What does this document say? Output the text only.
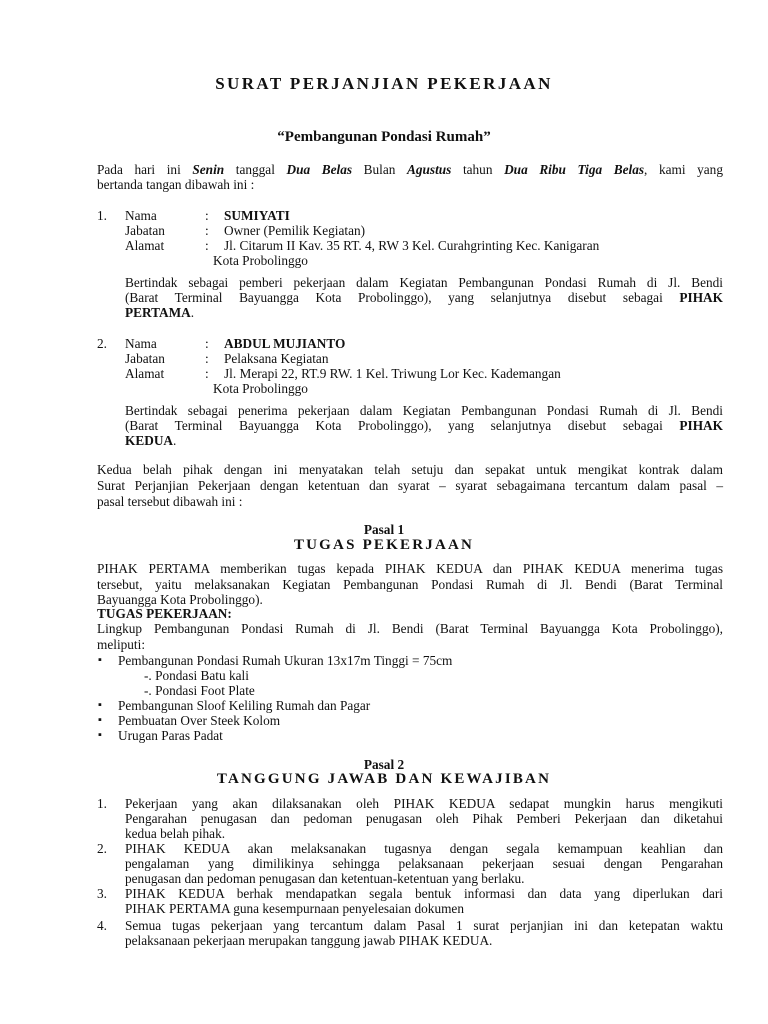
SURAT PERJANJIAN PEKERJAAN
“Pembangunan Pondasi Rumah”
Pada hari ini Senin tanggal Dua Belas Bulan Agustus tahun Dua Ribu Tiga Belas, kami yang
bertanda tangan dibawah ini :
1. Nama	: SUMIYATI
Jabatan	: Owner (Pemilik Kegiatan)
Alamat	: Jl. Citarum II Kav. 35 RT. 4, RW 3 Kel. Curahgrinting Kec. Kanigaran
Kota Probolinggo
Bertindak sebagai pemberi pekerjaan dalam Kegiatan Pembangunan Pondasi Rumah di Jl. Bendi
(Barat Terminal Bayuangga Kota Probolinggo), yang selanjutnya disebut sebagai PIHAK
PERTAMA.
2. Nama	: ABDUL MUJIANTO
Jabatan	: Pelaksana Kegiatan
Alamat	: Jl. Merapi 22, RT.9 RW. 1 Kel. Triwung Lor Kec. Kademangan
Kota Probolinggo
Bertindak sebagai penerima pekerjaan dalam Kegiatan Pembangunan Pondasi Rumah di Jl. Bendi
(Barat Terminal Bayuangga Kota Probolinggo), yang selanjutnya disebut sebagai PIHAK
KEDUA.
Kedua belah pihak dengan ini menyatakan telah setuju dan sepakat untuk mengikat kontrak dalam
Surat Perjanjian Pekerjaan dengan ketentuan dan syarat – syarat sebagaimana tercantum dalam pasal –
pasal tersebut dibawah ini :
Pasal 1
TUGAS PEKERJAAN
PIHAK PERTAMA memberikan tugas kepada PIHAK KEDUA dan PIHAK KEDUA menerima tugas
tersebut, yaitu melaksanakan Kegiatan Pembangunan Pondasi Rumah di Jl. Bendi (Barat Terminal
Bayuangga Kota Probolinggo).
TUGAS PEKERJAAN:
Lingkup Pembangunan Pondasi Rumah di Jl. Bendi (Barat Terminal Bayuangga Kota Probolinggo),
meliputi:
▪ Pembangunan Pondasi Rumah Ukuran 13x17m Tinggi = 75cm
-. Pondasi Batu kali
-. Pondasi Foot Plate
▪ Pembangunan Sloof Keliling Rumah dan Pagar
▪ Pembuatan Over Steek Kolom
▪ Urugan Paras Padat
Pasal 2
TANGGUNG JAWAB DAN KEWAJIBAN
1. Pekerjaan yang akan dilaksanakan oleh PIHAK KEDUA sedapat mungkin harus mengikuti
Pengarahan penugasan dan pedoman penugasan oleh Pihak Pemberi Pekerjaan dan diketahui
kedua belah pihak.
2. PIHAK KEDUA akan melaksanakan tugasnya dengan segala kemampuan keahlian dan
pengalaman yang dimilikinya sehingga pelaksanaan pekerjaan sesuai dengan Pengarahan
penugasan dan pedoman penugasan dan ketentuan-ketentuan yang berlaku.
3. PIHAK KEDUA berhak mendapatkan segala bentuk informasi dan data yang diperlukan dari
PIHAK PERTAMA guna kesempurnaan penyelesaian dokumen
4. Semua tugas pekerjaan yang tercantum dalam Pasal 1 surat perjanjian ini dan ketepatan waktu
pelaksanaan pekerjaan merupakan tanggung jawab PIHAK KEDUA.
